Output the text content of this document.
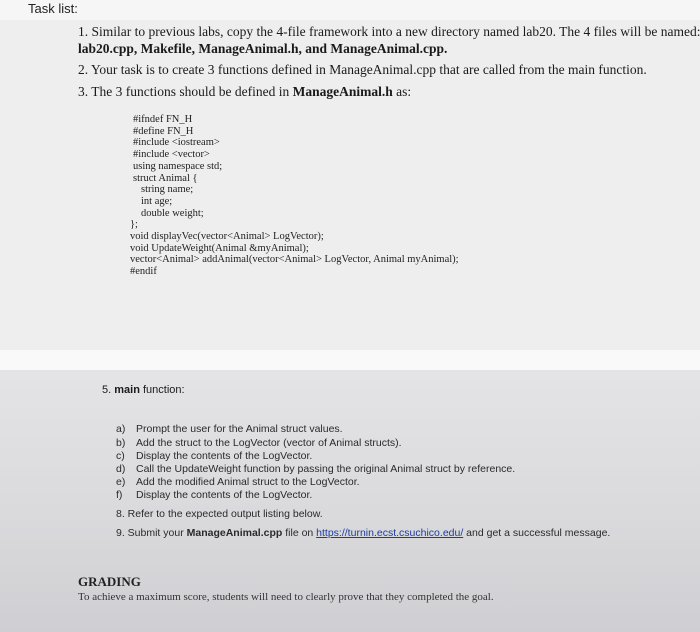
Task list:
1. Similar to previous labs, copy the 4-file framework into a new directory named lab20. The 4 files will be named:
lab20.cpp, Makefile, ManageAnimal.h, and ManageAnimal.cpp.
2. Your task is to create 3 functions defined in ManageAnimal.cpp that are called from the main function.
3. The 3 functions should be defined in ManageAnimal.h as:
#ifndef FN_H
#define FN_H
#include <iostream>
#include <vector>
using namespace std;
struct Animal {
string name;
int age;
double weight;
};
void displayVec(vector<Animal> LogVector);
void UpdateWeight(Animal &myAnimal);
vector<Animal> addAnimal(vector<Animal> LogVector, Animal myAnimal);
#endif
5. main function:
a) Prompt the user for the Animal struct values.
b) Add the struct to the LogVector (vector of Animal structs).
c) Display the contents of the LogVector.
d) Call the UpdateWeight function by passing the original Animal struct by reference.
e) Add the modified Animal struct to the LogVector.
f) Display the contents of the LogVector.
8. Refer to the expected output listing below.
9. Submit your ManageAnimal.cpp file on https://turnin.ecst.csuchico.edu/ and get a successful message.
GRADING
To achieve a maximum score, students will need to clearly prove that they completed the goal.
